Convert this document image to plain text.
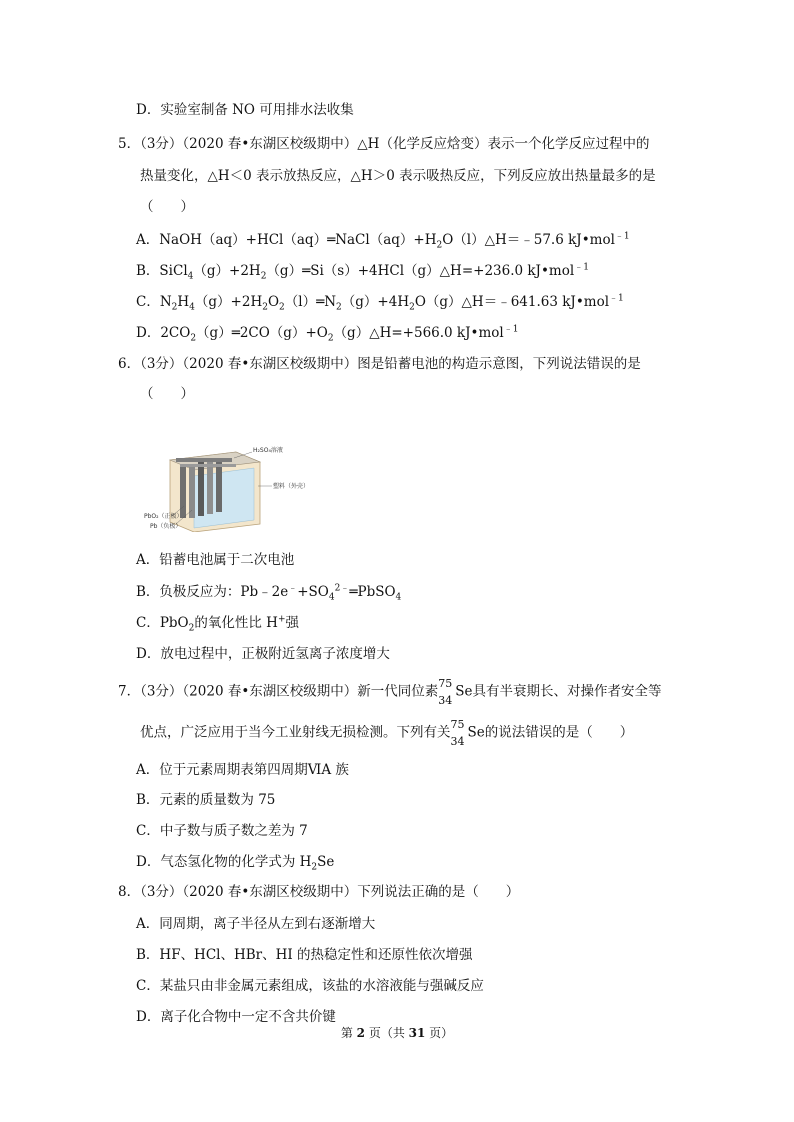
D．实验室制备 NO 可用排水法收集
5．（3分）（2020 春•东湖区校级期中）△H（化学反应焓变）表示一个化学反应过程中的
热量变化，△H＜0 表示放热反应，△H＞0 表示吸热反应，下列反应放出热量最多的是
（　　）
A．$NaOH(aq)+HCl(aq)═NaCl(aq)+H_2O(l)\triangle H=﹣57.6$ kJ•mol$^{﹣1}$
B．$SiCl_4(g)+2H_2(g)═Si(s)+4HCl(g)\triangle H=+236.0$ kJ•mol$^{﹣1}$
C．$N_2H_4(g)+2H_2O_2(l)═N_2(g)+4H_2O(g)\triangle H=﹣641.63$ kJ•mol$^{﹣1}$
D．$2CO_2(g)═2CO(g)+O_2(g)\triangle H=+566.0$ kJ•mol$^{﹣1}$
6．（3分）（2020 春•东湖区校级期中）图是铅蓄电池的构造示意图，下列说法错误的是
（　　）
H₂SO₄溶液
塑料（外壳）
PbO₂（正极）
Pb（负极）
A．铅蓄电池属于二次电池
B．负极反应为：$Pb﹣2e^﹣+SO_4^{2﹣}═PbSO_4$
C．PbO$_2$的氧化性比 H+强
D．放电过程中，正极附近氢离子浓度增大
7．（3分）（2020 春•东湖区校级期中）新一代同位素 75
34
Se具有半衰期长、对操作者安全等
优点，广泛应用于当今工业射线无损检测。下列有关 75
34
Se的说法错误的是（　　）
A．位于元素周期表第四周期ⅥA 族
B．元素的质量数为 75
C．中子数与质子数之差为 7
D．气态氢化物的化学式为 $H_2Se$
8．（3分）（2020 春•东湖区校级期中）下列说法正确的是（　　）
A．同周期，离子半径从左到右逐渐增大
B．HF、HCl、HBr、HI 的热稳定性和还原性依次增强
C．某盐只由非金属元素组成，该盐的水溶液能与强碱反应
D．离子化合物中一定不含共价键
第 2 页（共 31 页）
